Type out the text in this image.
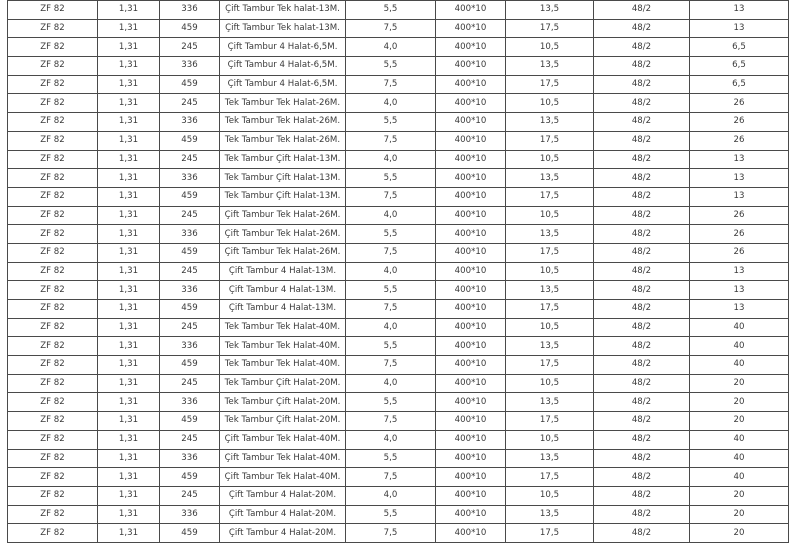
ZF 82	1,31	336	Çift Tambur Tek halat-13M.	5,5	400*10	13,5	48/2	13
ZF 82	1,31	459	Çift Tambur Tek halat-13M.	7,5	400*10	17,5	48/2	13
ZF 82	1,31	245	Çift Tambur 4 Halat-6,5M.	4,0	400*10	10,5	48/2	6,5
ZF 82	1,31	336	Çift Tambur 4 Halat-6,5M.	5,5	400*10	13,5	48/2	6,5
ZF 82	1,31	459	Çift Tambur 4 Halat-6,5M.	7,5	400*10	17,5	48/2	6,5
ZF 82	1,31	245	Tek Tambur Tek Halat-26M.	4,0	400*10	10,5	48/2	26
ZF 82	1,31	336	Tek Tambur Tek Halat-26M.	5,5	400*10	13,5	48/2	26
ZF 82	1,31	459	Tek Tambur Tek Halat-26M.	7,5	400*10	17,5	48/2	26
ZF 82	1,31	245	Tek Tambur Çift Halat-13M.	4,0	400*10	10,5	48/2	13
ZF 82	1,31	336	Tek Tambur Çift Halat-13M.	5,5	400*10	13,5	48/2	13
ZF 82	1,31	459	Tek Tambur Çift Halat-13M.	7,5	400*10	17,5	48/2	13
ZF 82	1,31	245	Çift Tambur Tek Halat-26M.	4,0	400*10	10,5	48/2	26
ZF 82	1,31	336	Çift Tambur Tek Halat-26M.	5,5	400*10	13,5	48/2	26
ZF 82	1,31	459	Çift Tambur Tek Halat-26M.	7,5	400*10	17,5	48/2	26
ZF 82	1,31	245	Çift Tambur 4 Halat-13M.	4,0	400*10	10,5	48/2	13
ZF 82	1,31	336	Çift Tambur 4 Halat-13M.	5,5	400*10	13,5	48/2	13
ZF 82	1,31	459	Çift Tambur 4 Halat-13M.	7,5	400*10	17,5	48/2	13
ZF 82	1,31	245	Tek Tambur Tek Halat-40M.	4,0	400*10	10,5	48/2	40
ZF 82	1,31	336	Tek Tambur Tek Halat-40M.	5,5	400*10	13,5	48/2	40
ZF 82	1,31	459	Tek Tambur Tek Halat-40M.	7,5	400*10	17,5	48/2	40
ZF 82	1,31	245	Tek Tambur Çift Halat-20M.	4,0	400*10	10,5	48/2	20
ZF 82	1,31	336	Tek Tambur Çift Halat-20M.	5,5	400*10	13,5	48/2	20
ZF 82	1,31	459	Tek Tambur Çift Halat-20M.	7,5	400*10	17,5	48/2	20
ZF 82	1,31	245	Çift Tambur Tek Halat-40M.	4,0	400*10	10,5	48/2	40
ZF 82	1,31	336	Çift Tambur Tek Halat-40M.	5,5	400*10	13,5	48/2	40
ZF 82	1,31	459	Çift Tambur Tek Halat-40M.	7,5	400*10	17,5	48/2	40
ZF 82	1,31	245	Çift Tambur 4 Halat-20M.	4,0	400*10	10,5	48/2	20
ZF 82	1,31	336	Çift Tambur 4 Halat-20M.	5,5	400*10	13,5	48/2	20
ZF 82	1,31	459	Çift Tambur 4 Halat-20M.	7,5	400*10	17,5	48/2	20
